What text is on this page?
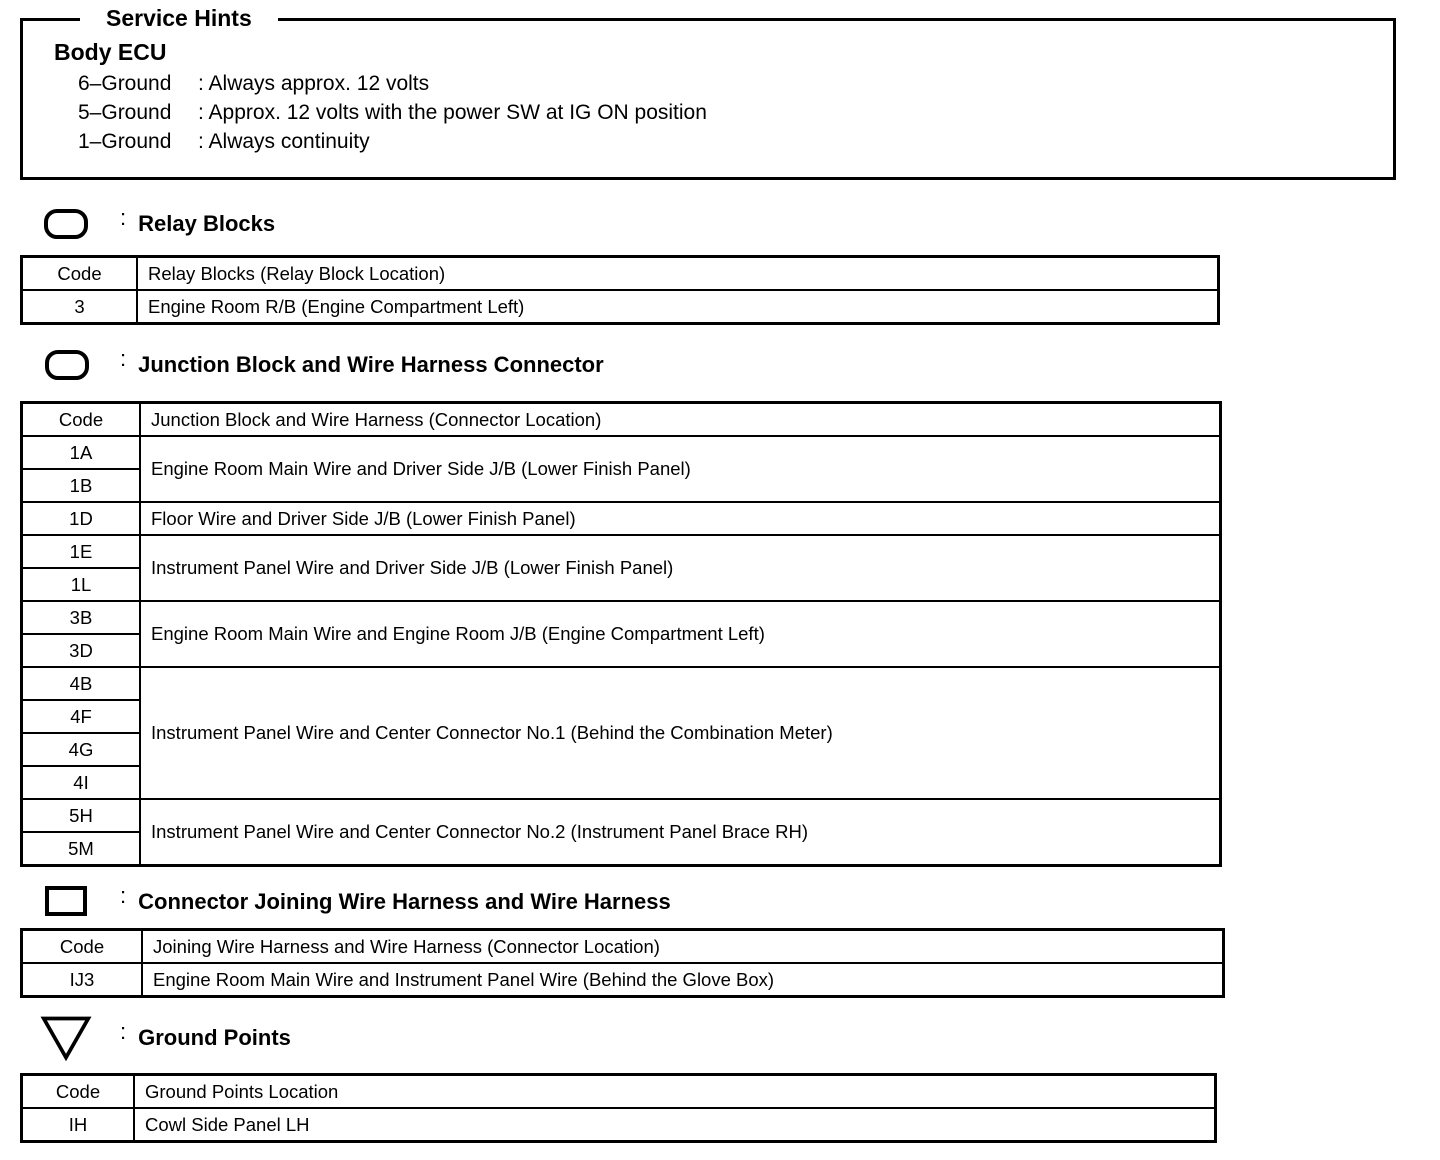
Service Hints
Body ECU
6–Ground : Always approx. 12 volts
5–Ground : Approx. 12 volts with the power SW at IG ON position
1–Ground : Always continuity
: Relay Blocks
Code	Relay Blocks (Relay Block Location)
3	Engine Room R/B (Engine Compartment Left)
: Junction Block and Wire Harness Connector
Code	Junction Block and Wire Harness (Connector Location)
1A	Engine Room Main Wire and Driver Side J/B (Lower Finish Panel)
1B	
1D	Floor Wire and Driver Side J/B (Lower Finish Panel)
1E	Instrument Panel Wire and Driver Side J/B (Lower Finish Panel)
1L	
3B	Engine Room Main Wire and Engine Room J/B (Engine Compartment Left)
3D	
4B	Instrument Panel Wire and Center Connector No.1 (Behind the Combination Meter)
4F	
4G	
4I	
5H	Instrument Panel Wire and Center Connector No.2 (Instrument Panel Brace RH)
5M	
: Connector Joining Wire Harness and Wire Harness
Code	Joining Wire Harness and Wire Harness (Connector Location)
IJ3	Engine Room Main Wire and Instrument Panel Wire (Behind the Glove Box)
: Ground Points
Code	Ground Points Location
IH	Cowl Side Panel LH
